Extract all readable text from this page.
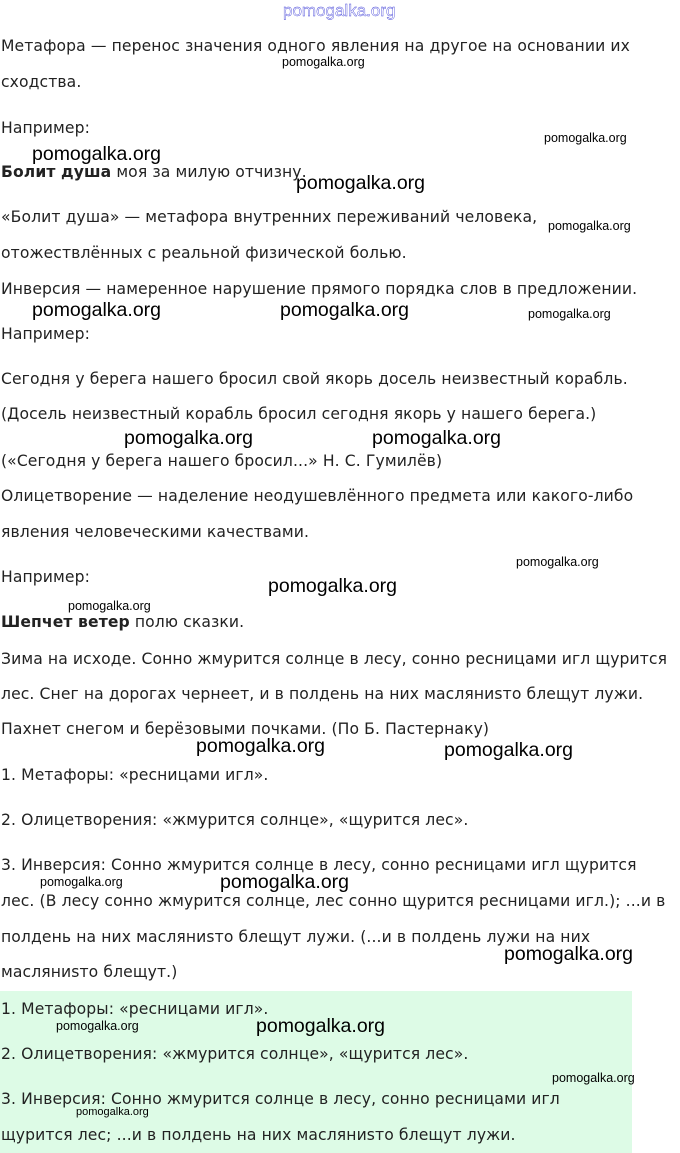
Метафора — перенос значения одного явления на другое на основании их
сходства.
Например:
Болит душа моя за милую отчизну.
«Болит душа» — метафора внутренних переживаний человека,
отожествлённых с реальной физической болью.
Инверсия — намеренное нарушение прямого порядка слов в предложении.
Например:
Сегодня у берега нашего бросил свой якорь досель неизвестный корабль.
(Досель неизвестный корабль бросил сегодня якорь у нашего берега.)
(«Сегодня у берега нашего бросил...» Н. С. Гумилёв)
Олицетворение — наделение неодушевлённого предмета или какого-либо
явления человеческими качествами.
Например:
Шепчет ветер полю сказки.
Зима на исходе. Сонно жмурится солнце в лесу, сонно ресницами игл щурится
лес. Снег на дорогах чернеет, и в полдень на них масляниsто блещут лужи.
Пахнет снегом и берёзовыми почками. (По Б. Пастернаку)
1. Метафоры: «ресницами игл».
2. Олицетворения: «жмурится солнце», «щурится лес».
3. Инверсия: Сонно жмурится солнце в лесу, сонно ресницами игл щурится
лес. (В лесу сонно жмурится солнце, лес сонно щурится ресницами игл.); ...и в
полдень на них масляниsто блещут лужи. (...и в полдень лужи на них
масляниsто блещут.)
1. Метафоры: «ресницами игл».
2. Олицетворения: «жмурится солнце», «щурится лес».
3. Инверсия: Сонно жмурится солнце в лесу, сонно ресницами игл
щурится лес; ...и в полдень на них масляниsто блещут лужи.
pomogalka.org
pomogalka.org
pomogalka.org
pomogalka.org
pomogalka.org
pomogalka.org
pomogalka.org	pomogalka.org	pomogalka.org
pomogalka.org	pomogalka.org
pomogalka.org
pomogalka.org
pomogalka.org
pomogalka.org	pomogalka.org
pomogalka.org
pomogalka.org
pomogalka.org
pomogalka.org
pomogalka.org
pomogalka.org
pomogalka.org
